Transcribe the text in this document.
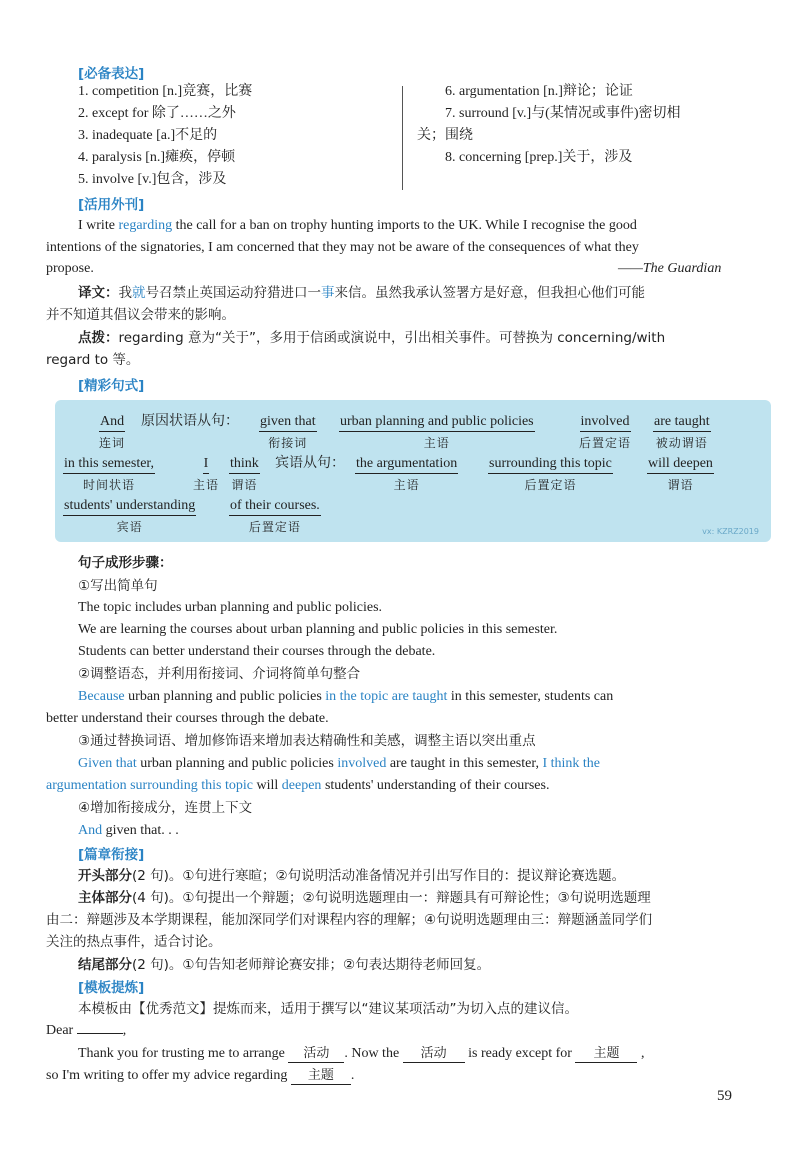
[必备表达]
1. competition [n.]竞赛，比赛
2. except for 除了……之外
3. inadequate [a.]不足的
4. paralysis [n.]瘫痪，停顿
5. involve [v.]包含，涉及
6. argumentation [n.]辩论；论证
7. surround [v.]与(某情况或事件)密切相
关；围绕
8. concerning [prep.]关于，涉及
[活用外刊]
I write regarding the call for a ban on trophy hunting imports to the UK. While I recognise the good
intentions of the signatories, I am concerned that they may not be aware of the consequences of what they
propose.	——The Guardian
译文：我就号召禁止英国运动狩猎进口一事来信。虽然我承认签署方是好意，但我担心他们可能
并不知道其倡议会带来的影响。
点拨：regarding 意为“关于”，多用于信函或演说中，引出相关事件。可替换为 concerning/with
regard to 等。
[精彩句式]
And
连词
原因状语从句： given that
衔接词
urban planning and public policies
主语
involved
后置定语
are taught
被动谓语
in this semester,
时间状语
I
主语
think
谓语
宾语从句： the argumentation
主语
surrounding this topic
后置定语
will deepen
谓语
students' understanding
宾语
of their courses.
后置定语	vx: KZRZ2019
句子成形步骤：
①写出简单句
The topic includes urban planning and public policies.
We are learning the courses about urban planning and public policies in this semester.
Students can better understand their courses through the debate.
②调整语态，并利用衔接词、介词将简单句整合
Because urban planning and public policies in the topic are taught in this semester, students can
better understand their courses through the debate.
③通过替换词语、增加修饰语来增加表达精确性和美感，调整主语以突出重点
Given that urban planning and public policies involved are taught in this semester, I think the
argumentation surrounding this topic will deepen students' understanding of their courses.
④增加衔接成分，连贯上下文
And given that. . .
[篇章衔接]
开头部分(2 句)。①句进行寒暄；②句说明活动准备情况并引出写作目的：提议辩论赛选题。
主体部分(4 句)。①句提出一个辩题；②句说明选题理由一：辩题具有可辩论性；③句说明选题理
由二：辩题涉及本学期课程，能加深同学们对课程内容的理解；④句说明选题理由三：辩题涵盖同学们
关注的热点事件，适合讨论。
结尾部分(2 句)。①句告知老师辩论赛安排；②句表达期待老师回复。
[模板提炼]
本模板由【优秀范文】提炼而来，适用于撰写以“建议某项活动”为切入点的建议信。
Dear	,
Thank you for trusting me to arrange 活动 . Now the 活动 is ready except for 主题 ,
so I'm writing to offer my advice regarding 主题 .
59
